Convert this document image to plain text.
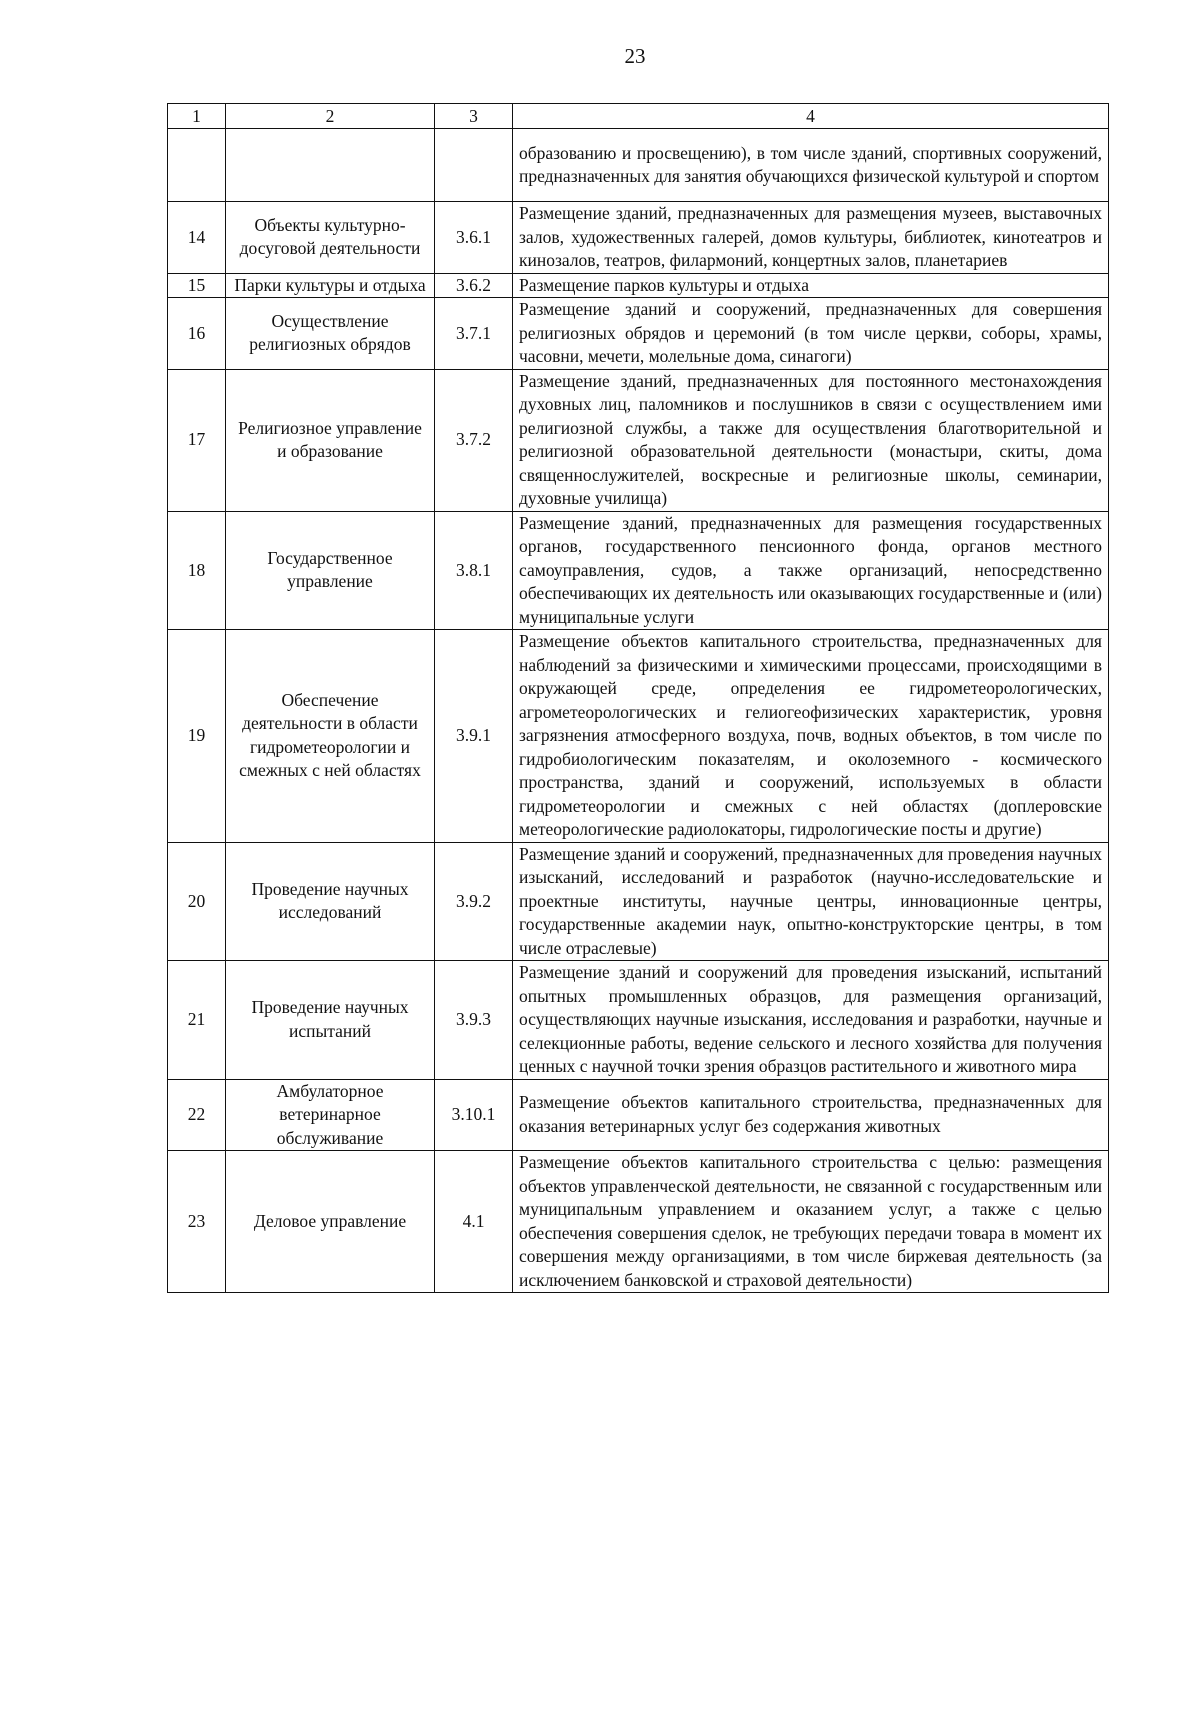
23
1	2	3	4

			образованию и просвещению), в том числе зданий, спортивных сооружений, предназначенных для занятия обучающихся физической культурой и спортом

14	Объекты культурно-досуговой деятельности	3.6.1	Размещение зданий, предназначенных для размещения музеев, выставочных залов, художественных галерей, домов культуры, библиотек, кинотеатров и кинозалов, театров, филармоний, концертных залов, планетариев

15	Парки культуры и отдыха	3.6.2	Размещение парков культуры и отдыха

16	Осуществление религиозных обрядов	3.7.1	Размещение зданий и сооружений, предназначенных для совершения религиозных обрядов и церемоний (в том числе церкви, соборы, храмы, часовни, мечети, молельные дома, синагоги)

17	Религиозное управление и образование	3.7.2	Размещение зданий, предназначенных для постоянного местонахождения духовных лиц, паломников и послушников в связи с осуществлением ими религиозной службы, а также для осуществления благотворительной и религиозной образовательной деятельности (монастыри, скиты, дома священнослужителей, воскресные и религиозные школы, семинарии, духовные училища)

18	Государственное управление	3.8.1	Размещение зданий, предназначенных для размещения государственных органов, государственного пенсионного фонда, органов местного самоуправления, судов, а также организаций, непосредственно обеспечивающих их деятельность или оказывающих государственные и (или) муниципальные услуги

19	Обеспечение деятельности в области гидрометеорологии и смежных с ней областях	3.9.1	Размещение объектов капитального строительства, предназначенных для наблюдений за физическими и химическими процессами, происходящими в окружающей среде, определения ее гидрометеорологических, агрометеорологических и гелиогеофизических характеристик, уровня загрязнения атмосферного воздуха, почв, водных объектов, в том числе по гидробиологическим показателям, и околоземного - космического пространства, зданий и сооружений, используемых в области гидрометеорологии и смежных с ней областях (доплеровские метеорологические радиолокаторы, гидрологические посты и другие)

20	Проведение научных исследований	3.9.2	Размещение зданий и сооружений, предназначенных для проведения научных изысканий, исследований и разработок (научно-исследовательские и проектные институты, научные центры, инновационные центры, государственные академии наук, опытно-конструкторские центры, в том числе отраслевые)

21	Проведение научных испытаний	3.9.3	Размещение зданий и сооружений для проведения изысканий, испытаний опытных промышленных образцов, для размещения организаций, осуществляющих научные изыскания, исследования и разработки, научные и селекционные работы, ведение сельского и лесного хозяйства для получения ценных с научной точки зрения образцов растительного и животного мира

22	Амбулаторное ветеринарное обслуживание	3.10.1	Размещение объектов капитального строительства, предназначенных для оказания ветеринарных услуг без содержания животных

23	Деловое управление	4.1	Размещение объектов капитального строительства с целью: размещения объектов управленческой деятельности, не связанной с государственным или муниципальным управлением и оказанием услуг, а также с целью обеспечения совершения сделок, не требующих передачи товара в момент их совершения между организациями, в том числе биржевая деятельность (за исключением банковской и страховой деятельности)
